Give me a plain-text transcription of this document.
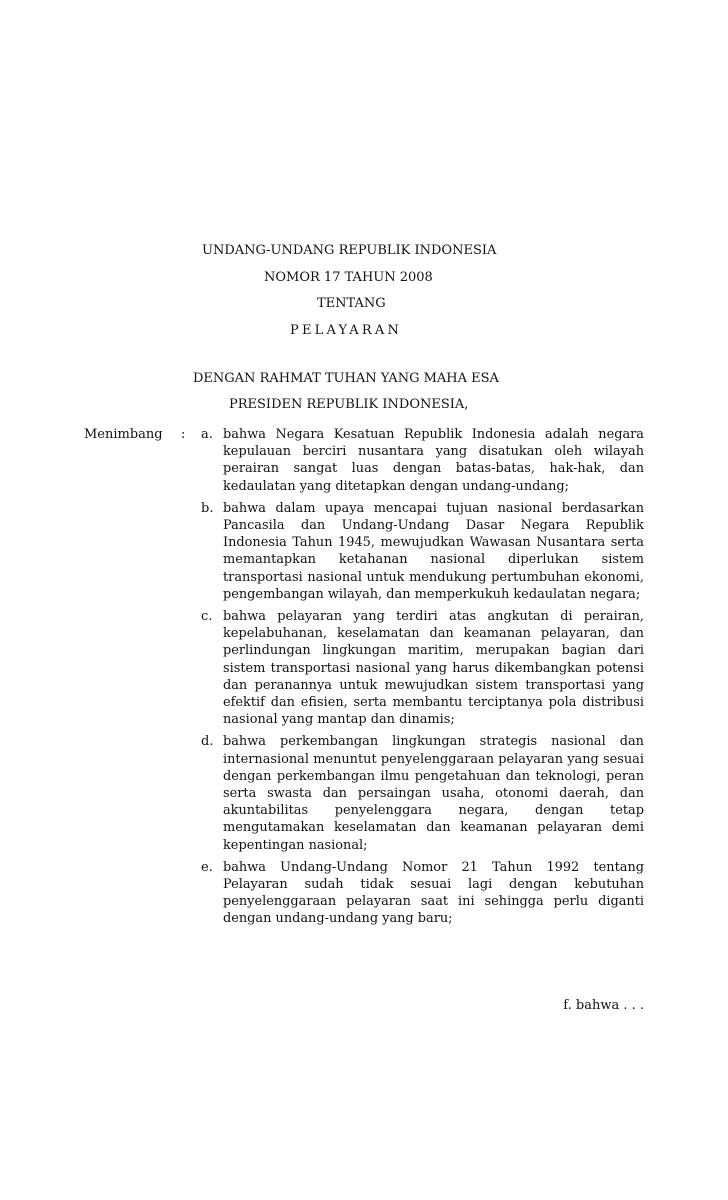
UNDANG-UNDANG REPUBLIK INDONESIA
NOMOR 17 TAHUN 2008
TENTANG
PELAYARAN
DENGAN RAHMAT TUHAN YANG MAHA ESA
PRESIDEN REPUBLIK INDONESIA,
Menimbang : a. bahwa Negara Kesatuan Republik Indonesia adalah negara kepulauan berciri nusantara yang disatukan oleh wilayah perairan sangat luas dengan batas-batas, hak-hak, dan kedaulatan yang ditetapkan dengan undang-undang;
b. bahwa dalam upaya mencapai tujuan nasional berdasarkan Pancasila dan Undang-Undang Dasar Negara Republik Indonesia Tahun 1945, mewujudkan Wawasan Nusantara serta memantapkan ketahanan nasional diperlukan sistem transportasi nasional untuk mendukung pertumbuhan ekonomi, pengembangan wilayah, dan memperkukuh kedaulatan negara;
c. bahwa pelayaran yang terdiri atas angkutan di perairan, kepelabuhanan, keselamatan dan keamanan pelayaran, dan perlindungan lingkungan maritim, merupakan bagian dari sistem transportasi nasional yang harus dikembangkan potensi dan peranannya untuk mewujudkan sistem transportasi yang efektif dan efisien, serta membantu terciptanya pola distribusi nasional yang mantap dan dinamis;
d. bahwa perkembangan lingkungan strategis nasional dan internasional menuntut penyelenggaraan pelayaran yang sesuai dengan perkembangan ilmu pengetahuan dan teknologi, peran serta swasta dan persaingan usaha, otonomi daerah, dan akuntabilitas penyelenggara negara, dengan tetap mengutamakan keselamatan dan keamanan pelayaran demi kepentingan nasional;
e. bahwa Undang-Undang Nomor 21 Tahun 1992 tentang Pelayaran sudah tidak sesuai lagi dengan kebutuhan penyelenggaraan pelayaran saat ini sehingga perlu diganti dengan undang-undang yang baru;
f. bahwa . . .
